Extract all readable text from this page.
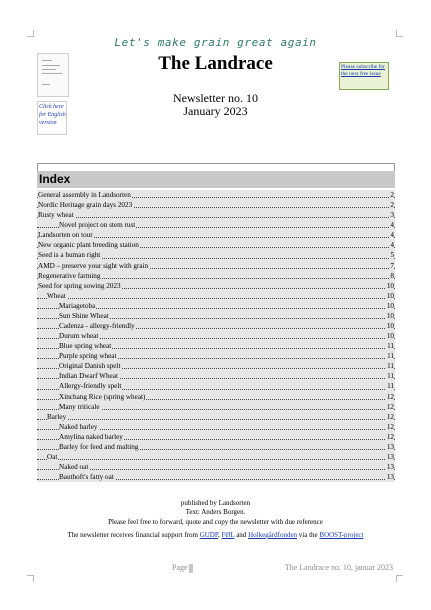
Let's make grain great again
The Landrace
Click here for English version
Please subscribe for the next free issue
Newsletter no. 10
January 2023
Index
General assembly in Landsorten	2
Nordic Heritage grain days 2023	2
Rusty wheat	3
Novel project on stem rust	4
Landsorten on tour	4
New organic plant breeding station	4
Seed is a human right	5
AMD – preserve your sight with grain	7
Regenerative farming	8
Seed for spring sowing 2023	10
Wheat	10
Mariagetoba	10
Sun Shine Wheat	10
Cadenza - allergy-friendly	10
Durum wheat	10
Blue spring wheat	11
Purple spring wheat	11
Original Danish spelt	11
Indian Dwarf Wheat	11
Allergy-friendly spelt	11
Xinchang Rice (spring wheat)	12
Many triticale	12
Barley	12
Naked barley	12
Amylina naked barley	12
Barley for feed and malting	13
Oat	13
Naked oat	13
Bauthoft's fatty oat	13
published by Landsorten
Text: Anders Borgen.
Please feel free to forward, quote and copy the newsletter with due reference
The newsletter receives financial support from GUDP, FØL and Holkegårdfonden via the BOOST-project
Page	The Landrace no. 10, januar 2023
